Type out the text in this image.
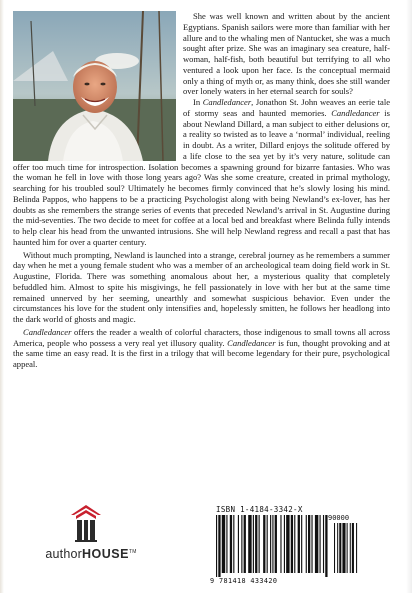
She was well known and written about by the ancient Egyptians. Spanish sailors were more than familiar with her allure and to the whaling men of Nantucket, she was a much sought after prize. She was an imaginary sea creature, half-woman, half-fish, both beautiful but terrifying to all who ventured a look upon her face. Is the conceptual mermaid only a thing of myth or, as many think, does she still wander over lonely waters in her eternal search for souls?

In Candledancer, Jonathon St. John weaves an eerie tale of stormy seas and haunted memories. Candledancer is about Newland Dillard, a man subject to either delusions or, a reality so twisted as to leave a ‘normal’ individual, reeling in doubt. As a writer, Dillard enjoys the solitude offered by a life close to the sea yet by it’s very nature, solitude can offer too much time for introspection. Isolation becomes a spawning ground for bizarre fantasies. Who was the woman he fell in love with those long years ago? Was she some creature, created in primal mythology, searching for his troubled soul? Ultimately he becomes firmly convinced that he’s slowly losing his mind. Belinda Pappos, who happens to be a practicing Psychologist along with being Newland’s ex-lover, has her doubts as she remembers the strange series of events that preceded Newland’s arrival in St. Augustine during the mid-seventies. The two decide to meet for coffee at a local bed and breakfast where Belinda fully intends to help clear his head from the unwanted intrusions. She will help Newland regress and recall a past that has haunted him for over a quarter century.

Without much prompting, Newland is launched into a strange, cerebral journey as he remembers a summer day when he met a young female student who was a member of an archeological team doing field work in St. Augustine, Florida. There was something anomalous about her, a mysterious quality that completely befuddled him. Almost to spite his misgivings, he fell passionately in love with her but at the same time remained unnerved by her seeming, unearthly and somewhat suspicious behavior. Even under the circumstances his love for the student only intensifies and, hopelessly smitten, he follows her headlong into the dark world of ghosts and magic.

Candledancer offers the reader a wealth of colorful characters, those indigenous to small towns all across America, people who possess a very real yet illusory quality. Candledancer is fun, thought provoking and at the same time an easy read. It is the first in a trilogy that will become legendary for their pure, psychological appeal.

authorHOUSE™
ISBN 1-4184-3342-X
90000
9 781418 433420
